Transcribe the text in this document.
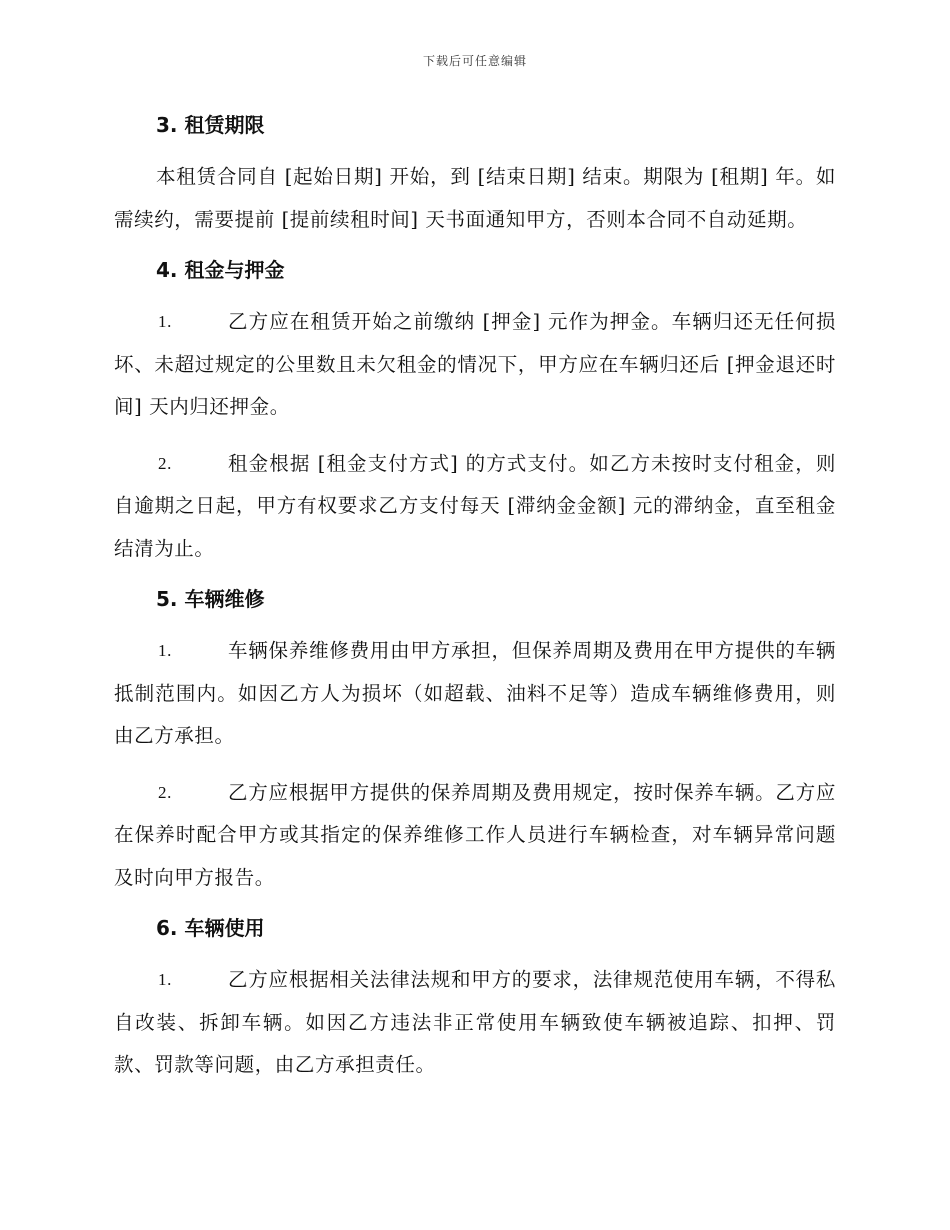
下载后可任意编辑
3. 租赁期限
本租赁合同自 [起始日期] 开始，到 [结束日期] 结束。期限为 [租期] 年。如需续约，需要提前 [提前续租时间] 天书面通知甲方，否则本合同不自动延期。
4. 租金与押金
1.	乙方应在租赁开始之前缴纳 [押金] 元作为押金。车辆归还无任何损坏、未超过规定的公里数且未欠租金的情况下，甲方应在车辆归还后 [押金退还时间] 天内归还押金。
2.	租金根据 [租金支付方式] 的方式支付。如乙方未按时支付租金，则自逾期之日起，甲方有权要求乙方支付每天 [滞纳金金额] 元的滞纳金，直至租金结清为止。
5. 车辆维修
1.	车辆保养维修费用由甲方承担，但保养周期及费用在甲方提供的车辆抵制范围内。如因乙方人为损坏（如超载、油料不足等）造成车辆维修费用，则由乙方承担。
2.	乙方应根据甲方提供的保养周期及费用规定，按时保养车辆。乙方应在保养时配合甲方或其指定的保养维修工作人员进行车辆检查，对车辆异常问题及时向甲方报告。
6. 车辆使用
1.	乙方应根据相关法律法规和甲方的要求，法律规范使用车辆，不得私自改装、拆卸车辆。如因乙方违法非正常使用车辆致使车辆被追踪、扣押、罚款、罚款等问题，由乙方承担责任。
